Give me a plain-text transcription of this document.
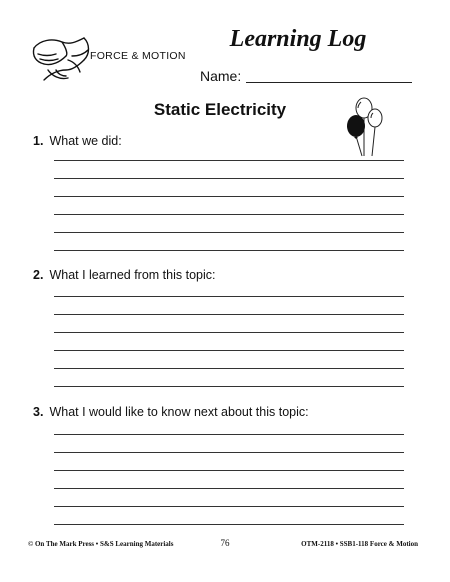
FORCE & MOTION
Learning Log
Name:
Static Electricity
1. What we did:
2. What I learned from this topic:
3. What I would like to know next about this topic:
© On The Mark Press • S&S Learning Materials	76	OTM-2118 • SSB1-118 Force & Motion
